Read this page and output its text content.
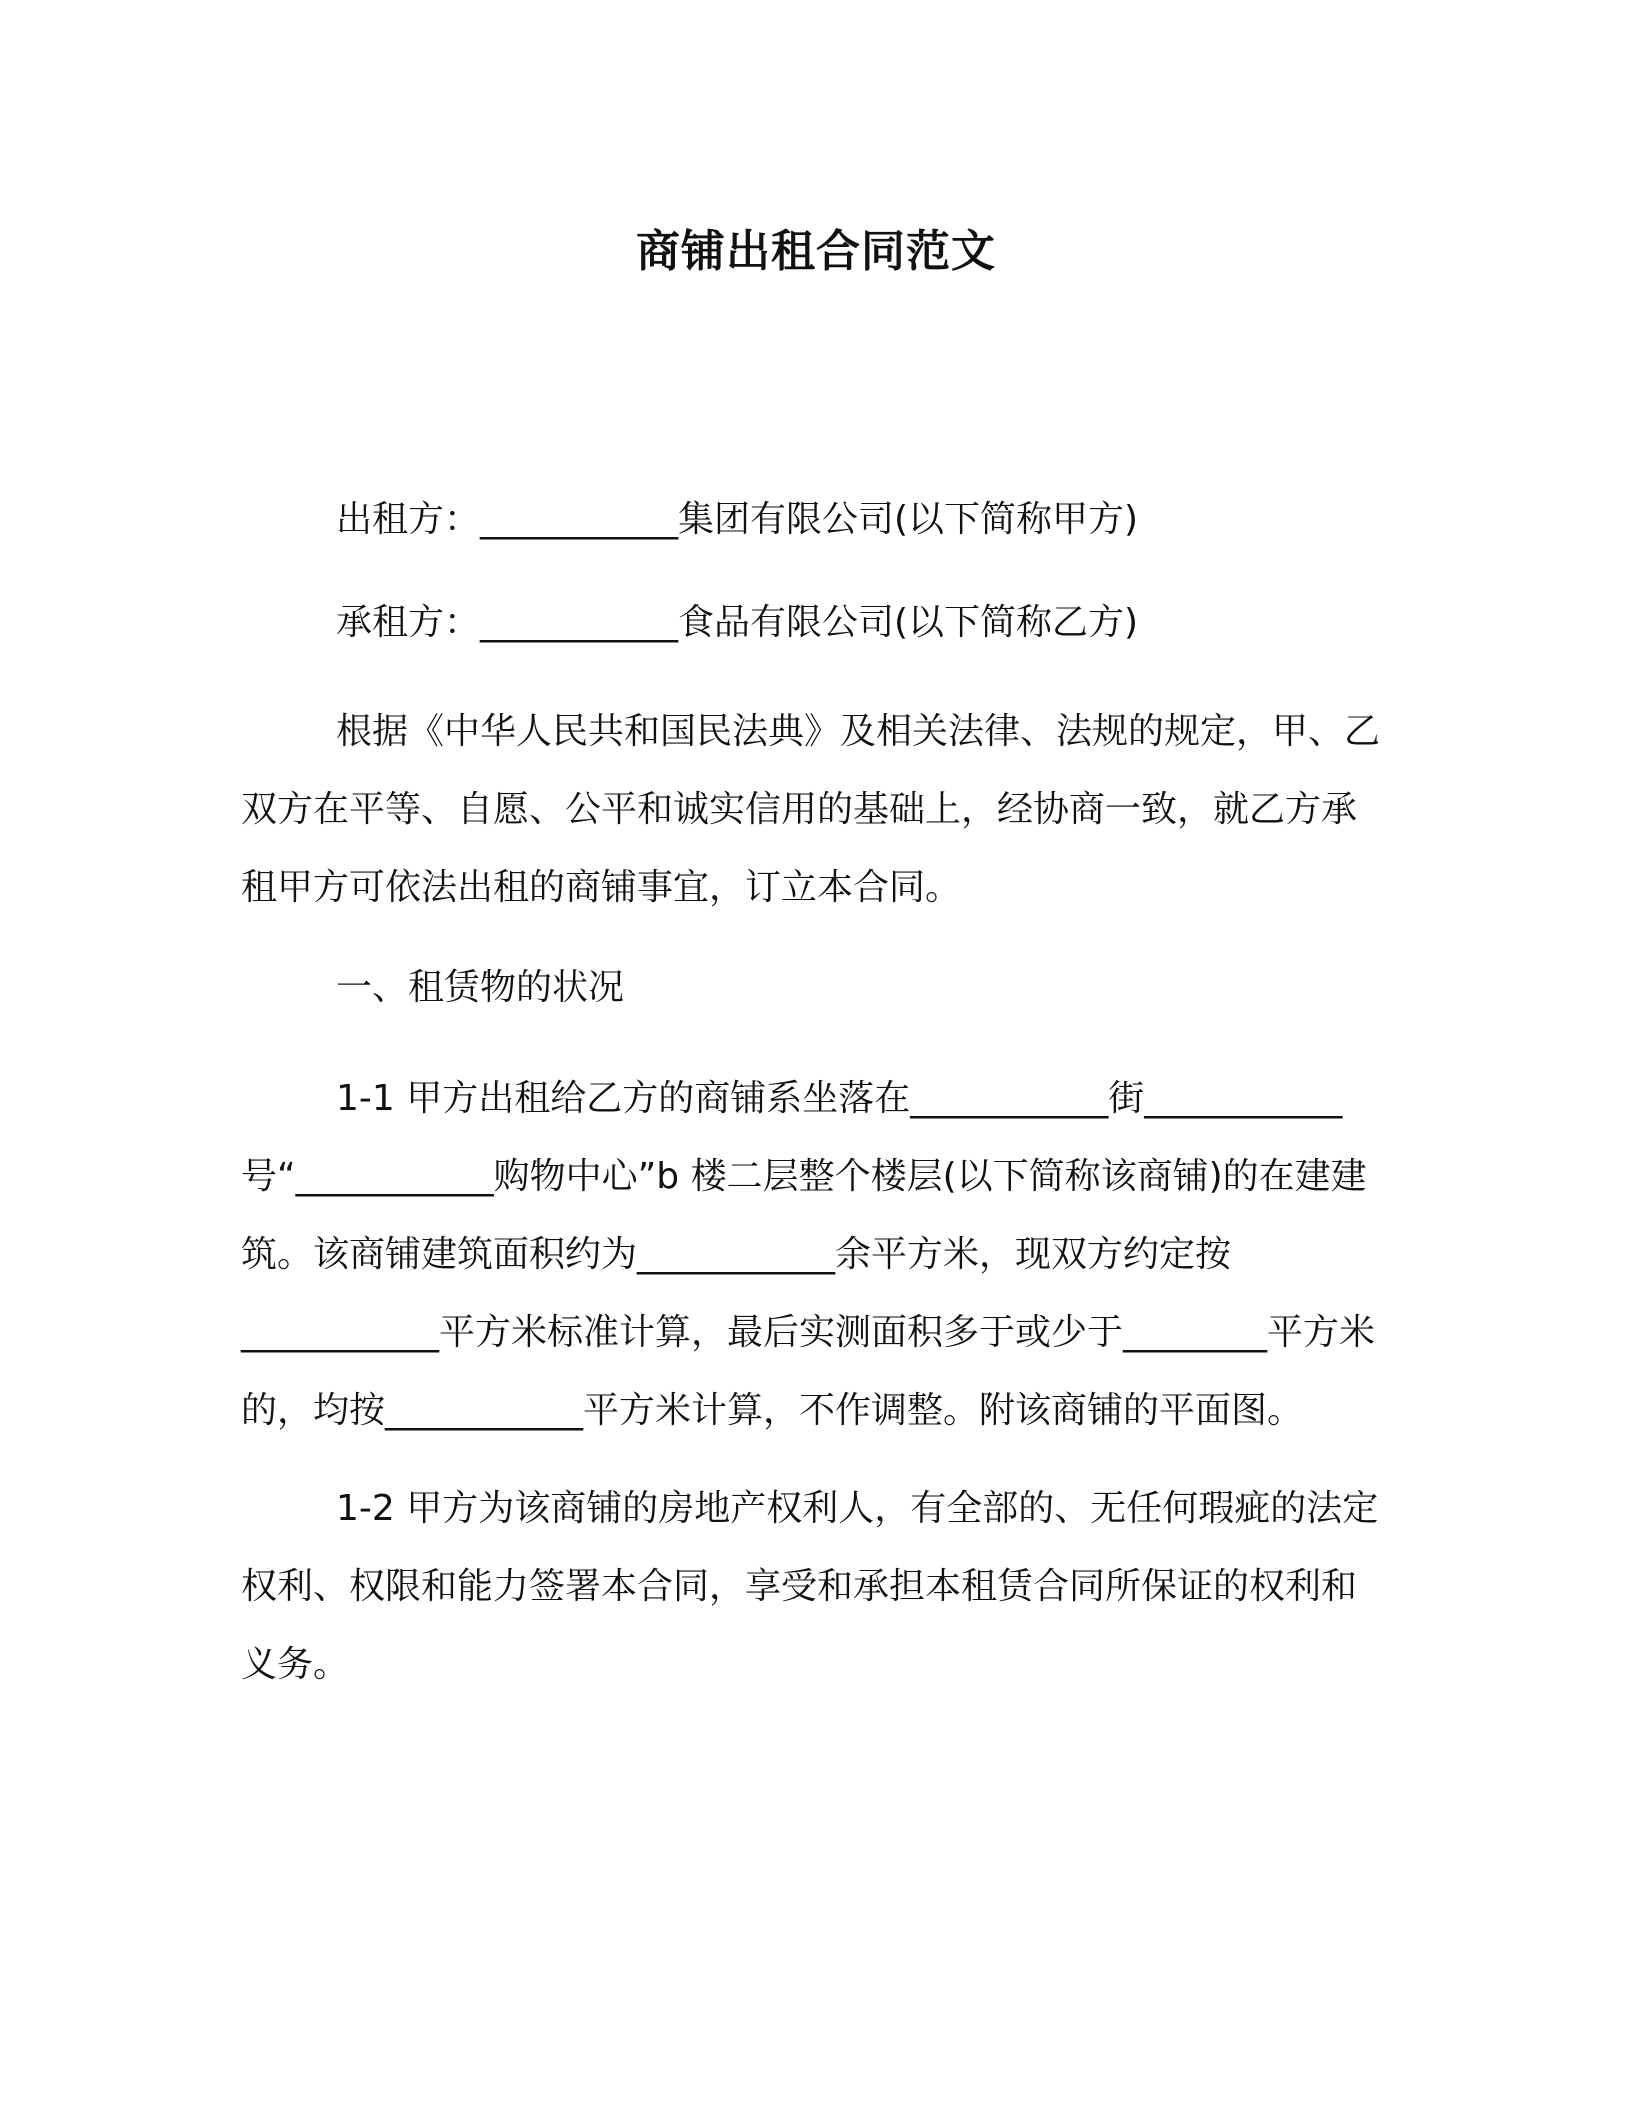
商铺出租合同范文

出租方：___________集团有限公司(以下简称甲方)

承租方：___________食品有限公司(以下简称乙方)

根据《中华人民共和国民法典》及相关法律、法规的规定，甲、乙双方在平等、自愿、公平和诚实信用的基础上，经协商一致，就乙方承租甲方可依法出租的商铺事宜，订立本合同。

一、租赁物的状况

1-1 甲方出租给乙方的商铺系坐落在___________街___________号“___________购物中心”b 楼二层整个楼层(以下简称该商铺)的在建建筑。该商铺建筑面积约为___________余平方米，现双方约定按___________平方米标准计算，最后实测面积多于或少于________平方米的，均按___________平方米计算，不作调整。附该商铺的平面图。

1-2 甲方为该商铺的房地产权利人，有全部的、无任何瑕疵的法定权利、权限和能力签署本合同，享受和承担本租赁合同所保证的权利和义务。
